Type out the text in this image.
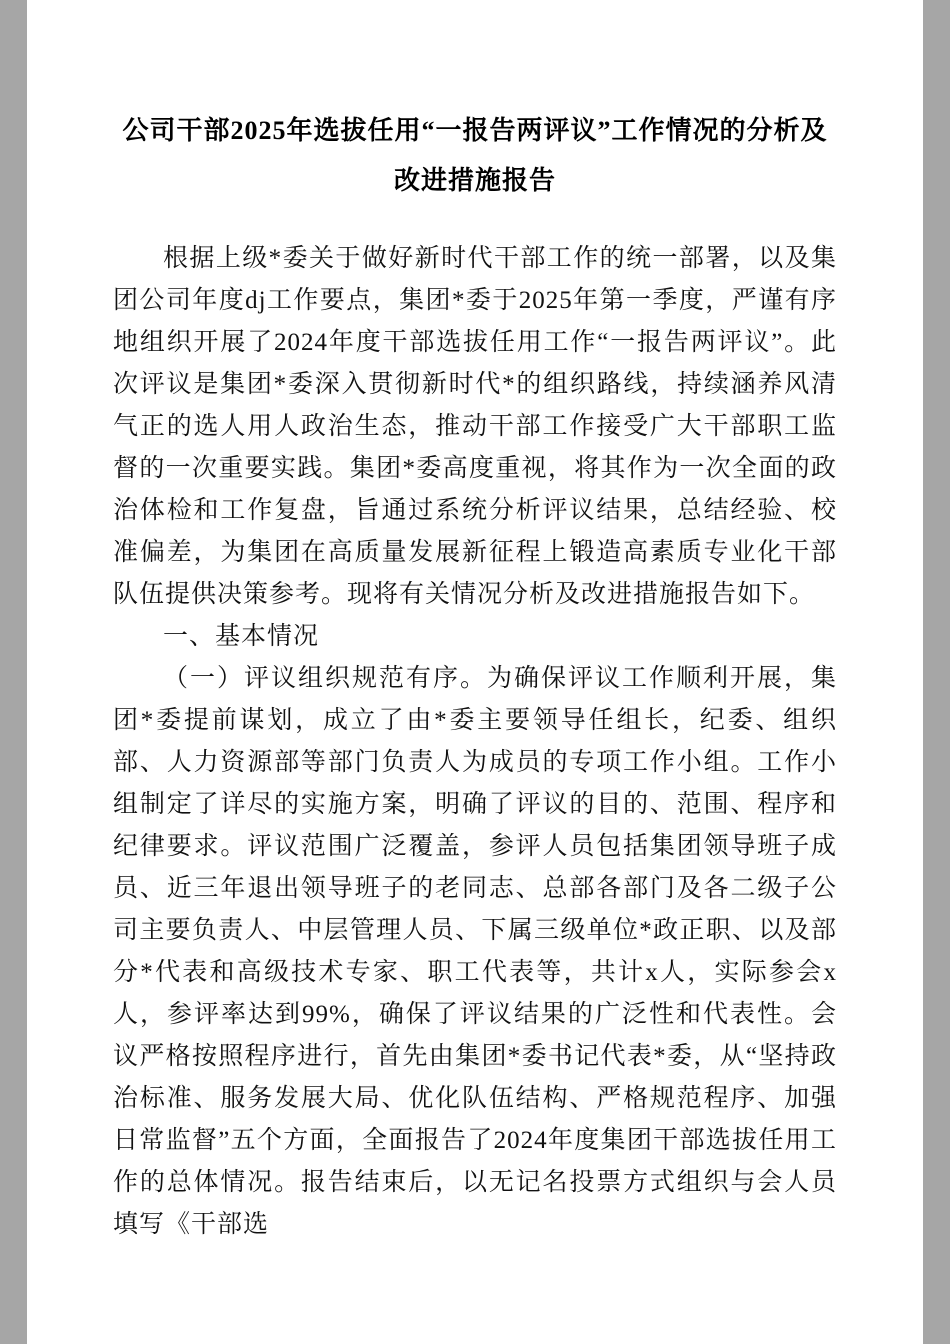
公司干部2025年选拔任用“一报告两评议”工作情况的分析及改进措施报告

根据上级*委关于做好新时代干部工作的统一部署，以及集团公司年度dj工作要点，集团*委于2025年第一季度，严谨有序地组织开展了2024年度干部选拔任用工作“一报告两评议”。此次评议是集团*委深入贯彻新时代*的组织路线，持续涵养风清气正的选人用人政治生态，推动干部工作接受广大干部职工监督的一次重要实践。集团*委高度重视，将其作为一次全面的政治体检和工作复盘，旨通过系统分析评议结果，总结经验、校准偏差，为集团在高质量发展新征程上锻造高素质专业化干部队伍提供决策参考。现将有关情况分析及改进措施报告如下。

一、基本情况

（一）评议组织规范有序。为确保评议工作顺利开展，集团*委提前谋划，成立了由*委主要领导任组长，纪委、组织部、人力资源部等部门负责人为成员的专项工作小组。工作小组制定了详尽的实施方案，明确了评议的目的、范围、程序和纪律要求。评议范围广泛覆盖，参评人员包括集团领导班子成员、近三年退出领导班子的老同志、总部各部门及各二级子公司主要负责人、中层管理人员、下属三级单位*政正职、以及部分*代表和高级技术专家、职工代表等，共计x人，实际参会x人，参评率达到99%，确保了评议结果的广泛性和代表性。会议严格按照程序进行，首先由集团*委书记代表*委，从“坚持政治标准、服务发展大局、优化队伍结构、严格规范程序、加强日常监督”五个方面，全面报告了2024年度集团干部选拔任用工作的总体情况。报告结束后，以无记名投票方式组织与会人员填写《干部选
